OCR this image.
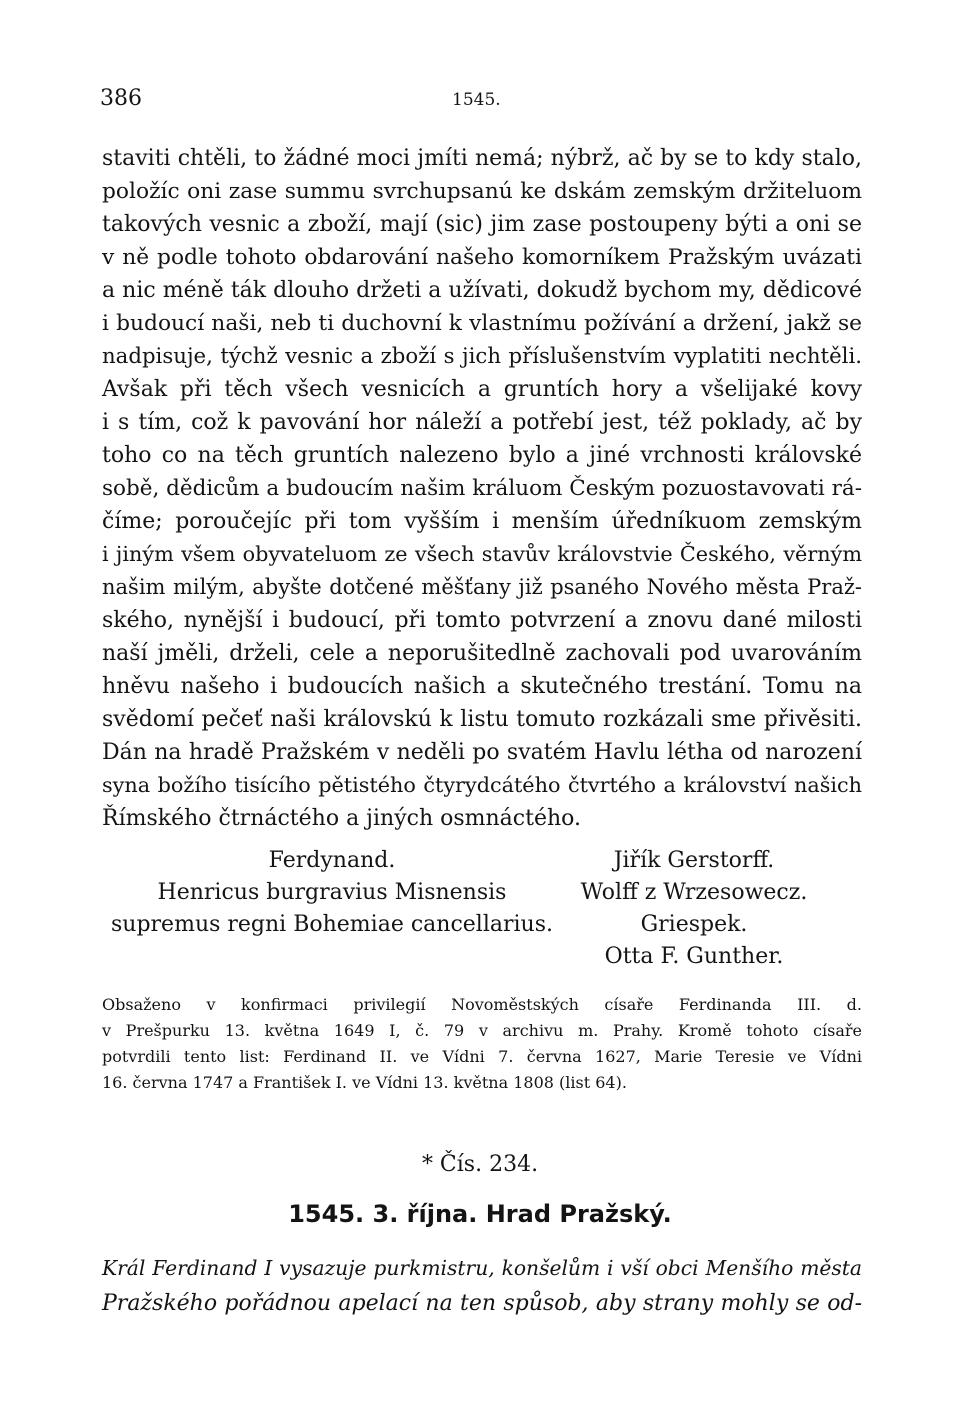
386	1545.
staviti chtěli, to žádné moci jmíti nemá; nýbrž, ač by se to kdy stalo,
položíc oni zase summu svrchupsanú ke dskám zemským držiteluom
takových vesnic a zboží, mají (sic) jim zase postoupeny býti a oni se
v ně podle tohoto obdarování našeho komorníkem Pražským uvázati
a nic méně ták dlouho držeti a užívati, dokudž bychom my, dědicové
i budoucí naši, neb ti duchovní k vlastnímu požívání a držení, jakž se
nadpisuje, týchž vesnic a zboží s jich příslušenstvím vyplatiti nechtěli.
Avšak při těch všech vesnicích a gruntích hory a všelijaké kovy
i s tím, což k pavování hor náleží a potřebí jest, též poklady, ač by
toho co na těch gruntích nalezeno bylo a jiné vrchnosti královské
sobě, dědicům a budoucím našim králuom Českým pozuostavovati rá-
číme; poroučejíc při tom vyšším i menším úředníkuom zemským
i jiným všem obyvateluom ze všech stavův královstvie Českého, věrným
našim milým, abyšte dotčené měšťany již psaného Nového města Praž-
ského, nynější i budoucí, při tomto potvrzení a znovu dané milosti
naší jměli, drželi, cele a neporušitedlně zachovali pod uvarováním
hněvu našeho i budoucích našich a skutečného trestání. Tomu na
svědomí pečeť naši královskú k listu tomuto rozkázali sme přivěsiti.
Dán na hradě Pražském v neděli po svatém Havlu létha od narození
syna božího tisícího pětistého čtyrydcátého čtvrtého a království našich
Římského čtrnáctého a jiných osmnáctého.
Ferdynand.
Henricus burgravius Misnensis
supremus regni Bohemiae cancellarius.
Jiřík Gerstorff.
Wolff z Wrzesowecz.
Griespek.
Otta F. Gunther.
Obsaženo v konfirmaci privilegií Novoměstských císaře Ferdinanda III. d.
v Prešpurku 13. května 1649 I, č. 79 v archivu m. Prahy. Kromě tohoto císaře
potvrdili tento list: Ferdinand II. ve Vídni 7. června 1627, Marie Teresie ve Vídni
16. června 1747 a František I. ve Vídni 13. května 1808 (list 64).
* Čís. 234.
1545. 3. října. Hrad Pražský.
Král Ferdinand I vysazuje purkmistru, konšelům i vší obci Menšího města
Pražského pořádnou apelací na ten spůsob, aby strany mohly se od-
